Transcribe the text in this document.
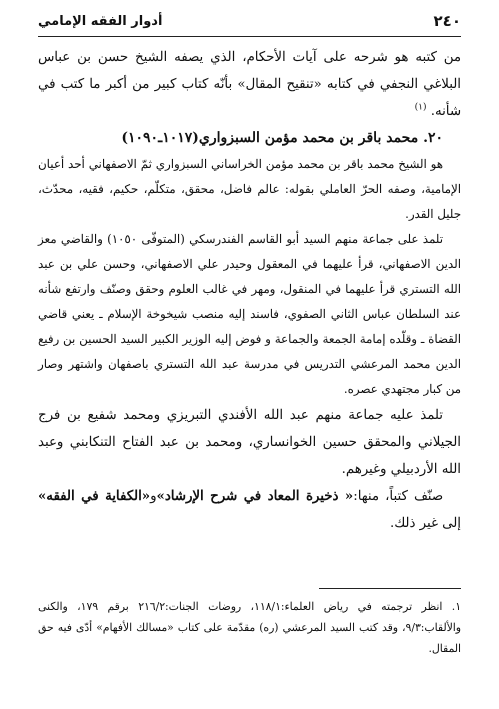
٢٤٠
أدوار الفقه الإمامي

من كتبه هو شرحه على آيات الأحكام، الذي يصفه الشيخ حسن بن عباس البلاغي النجفي في كتابه «تنقيح المقال» بأنّه كتاب كبير من أكبر ما كتب في شأنه. $^{(١)}$

٢٠. محمد باقر بن محمد مؤمن السبزواري(١٠١٧ـ١٠٩٠)

هو الشيخ محمد باقر بن محمد مؤمن الخراساني السبزواري ثمّ الاصفهاني أحد أعيان الإمامية، وصفه الحرّ العاملي بقوله: عالم فاضل، محقق، متكلّم، حكيم، فقيه، محدّث، جليل القدر.

تلمذ على جماعة منهم السيد أبو القاسم الفندرسكي (المتوفّى ١٠٥٠) والقاضي معز الدين الاصفهاني، قرأ عليهما في المعقول وحيدر علي الاصفهاني، وحسن علي بن عبد الله التستري قرأ عليهما في المنقول، ومهر في غالب العلوم وحقق وصنّف وارتفع شأنه عند السلطان عباس الثاني الصفوي، فاسند إليه منصب شيخوخة الإسلام ـ يعني قاضي القضاة ـ وقلّده إمامة الجمعة والجماعة و فوض إليه الوزير الكبير السيد الحسين بن رفيع الدين محمد المرعشي التدريس في مدرسة عبد الله التستري باصفهان واشتهر وصار من كبار مجتهدي عصره.

تلمذ عليه جماعة منهم عبد الله الأفندي التبريزي ومحمد شفيع بن فرج الجيلاني والمحقق حسين الخوانساري، ومحمد بن عبد الفتاح التنكابني وعبد الله الأردبيلي وغيرهم.

صنّف كتباً، منها:« ذخيرة المعاد في شرح الإرشاد»و«الكفاية في الفقه» إلى غير ذلك.

١. انظر ترجمته في رياض العلماء:١١٨/١، روضات الجنات:٢١٦/٢ برقم ١٧٩، والكنى والألقاب:٩/٣، وقد كتب السيد المرعشي (ره) مقدّمة على كتاب «مسالك الأفهام» أدّى فيه حق المقال.
